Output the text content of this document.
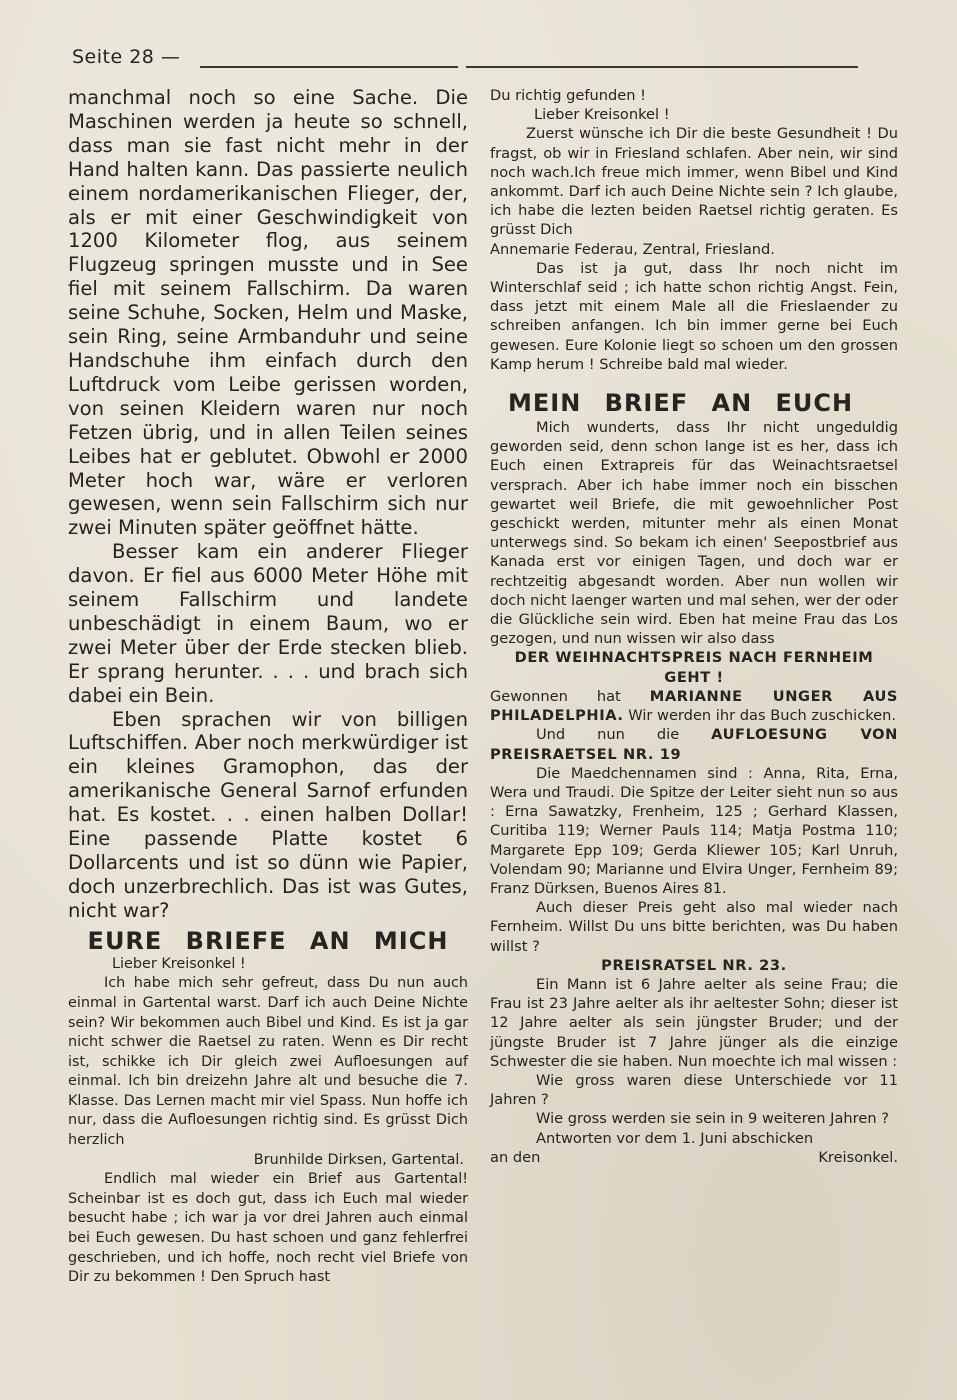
Seite 28 —

manchmal noch so eine Sache. Die Maschinen werden ja heute so schnell, dass man sie fast nicht mehr in der Hand halten kann. Das passierte neulich einem nordamerikanischen Flieger, der, als er mit einer Geschwindigkeit von 1200 Kilometer flog, aus seinem Flugzeug springen musste und in See fiel mit seinem Fallschirm. Da waren seine Schuhe, Socken, Helm und Maske, sein Ring, seine Armbanduhr und seine Handschuhe ihm einfach durch den Luftdruck vom Leibe gerissen worden, von seinen Kleidern waren nur noch Fetzen übrig, und in allen Teilen seines Leibes hat er geblutet. Obwohl er 2000 Meter hoch war, wäre er verloren gewesen, wenn sein Fallschirm sich nur zwei Minuten später geöffnet hätte.

Besser kam ein anderer Flieger davon. Er fiel aus 6000 Meter Höhe mit seinem Fallschirm und landete unbeschädigt in einem Baum, wo er zwei Meter über der Erde stecken blieb. Er sprang herunter. . . . und brach sich dabei ein Bein.

Eben sprachen wir von billigen Luftschiffen. Aber noch merkwürdiger ist ein kleines Gramophon, das der amerikanische General Sarnof erfunden hat. Es kostet. . . einen halben Dollar! Eine passende Platte kostet 6 Dollarcents und ist so dünn wie Papier, doch unzerbrechlich. Das ist was Gutes, nicht war?

EURE BRIEFE AN MICH

Lieber Kreisonkel !

Ich habe mich sehr gefreut, dass Du nun auch einmal in Gartental warst. Darf ich auch Deine Nichte sein? Wir bekommen auch Bibel und Kind. Es ist ja gar nicht schwer die Raetsel zu raten. Wenn es Dir recht ist, schikke ich Dir gleich zwei Aufloesungen auf einmal. Ich bin dreizehn Jahre alt und besuche die 7. Klasse. Das Lernen macht mir viel Spass. Nun hoffe ich nur, dass die Aufloesungen richtig sind. Es grüsst Dich herzlich

Brunhilde Dirksen, Gartental.

Endlich mal wieder ein Brief aus Gartental! Scheinbar ist es doch gut, dass ich Euch mal wieder besucht habe ; ich war ja vor drei Jahren auch einmal bei Euch gewesen. Du hast schoen und ganz fehlerfrei geschrieben, und ich hoffe, noch recht viel Briefe von Dir zu bekommen ! Den Spruch hast

Du richtig gefunden !

Lieber Kreisonkel !

Zuerst wünsche ich Dir die beste Gesundheit ! Du fragst, ob wir in Friesland schlafen. Aber nein, wir sind noch wach.Ich freue mich immer, wenn Bibel und Kind ankommt. Darf ich auch Deine Nichte sein ? Ich glaube, ich habe die lezten beiden Raetsel richtig geraten. Es grüsst Dich

Annemarie Federau, Zentral, Friesland.

Das ist ja gut, dass Ihr noch nicht im Winterschlaf seid ; ich hatte schon richtig Angst. Fein, dass jetzt mit einem Male all die Frieslaender zu schreiben anfangen. Ich bin immer gerne bei Euch gewesen. Eure Kolonie liegt so schoen um den grossen Kamp herum ! Schreibe bald mal wieder.

MEIN BRIEF AN EUCH

Mich wunderts, dass Ihr nicht ungeduldig geworden seid, denn schon lange ist es her, dass ich Euch einen Extrapreis für das Weinachtsraetsel versprach. Aber ich habe immer noch ein bisschen gewartet weil Briefe, die mit gewoehnlicher Post geschickt werden, mitunter mehr als einen Monat unterwegs sind. So bekam ich einen' Seepostbrief aus Kanada erst vor einigen Tagen, und doch war er rechtzeitig abgesandt worden. Aber nun wollen wir doch nicht laenger warten und mal sehen, wer der oder die Glückliche sein wird. Eben hat meine Frau das Los gezogen, und nun wissen wir also dass

DER WEIHNACHTSPREIS NACH FERNHEIM GEHT !

Gewonnen hat MARIANNE UNGER AUS PHILADELPHIA. Wir werden ihr das Buch zuschicken.

Und nun die AUFLOESUNG VON PREISRAETSEL NR. 19

Die Maedchennamen sind : Anna, Rita, Erna, Wera und Traudi. Die Spitze der Leiter sieht nun so aus : Erna Sawatzky, Frenheim, 125 ; Gerhard Klassen, Curitiba 119; Werner Pauls 114; Matja Postma 110; Margarete Epp 109; Gerda Kliewer 105; Karl Unruh, Volendam 90; Marianne und Elvira Unger, Fernheim 89; Franz Dürksen, Buenos Aires 81.

Auch dieser Preis geht also mal wieder nach Fernheim. Willst Du uns bitte berichten, was Du haben willst ?

PREISRATSEL NR. 23.

Ein Mann ist 6 Jahre aelter als seine Frau; die Frau ist 23 Jahre aelter als ihr aeltester Sohn; dieser ist 12 Jahre aelter als sein jüngster Bruder; und der jüngste Bruder ist 7 Jahre jünger als die einzige Schwester die sie haben. Nun moechte ich mal wissen :

Wie gross waren diese Unterschiede vor 11 Jahren ?

Wie gross werden sie sein in 9 weiteren Jahren ?

Antworten vor dem 1. Juni abschicken

an den	Kreisonkel.
